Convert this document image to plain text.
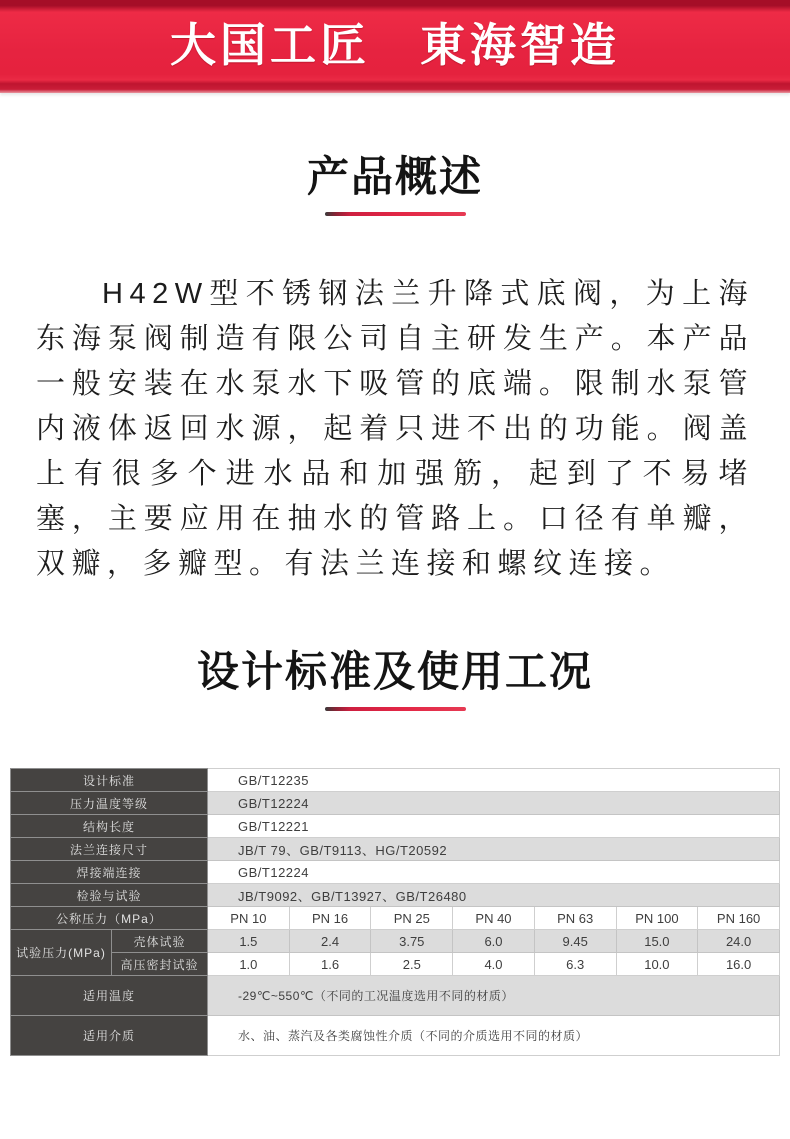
大国工匠　東海智造
产品概述

H42W型不锈钢法兰升降式底阀，为上海东海泵阀制造有限公司自主研发生产。本产品一般安装在水泵水下吸管的底端。限制水泵管内液体返回水源，起着只进不出的功能。阀盖上有很多个进水品和加强筋，起到了不易堵塞，主要应用在抽水的管路上。口径有单瓣，双瓣，多瓣型。有法兰连接和螺纹连接。

设计标准及使用工况
设计标准		GB/T12235						
压力温度等级		GB/T12224						
结构长度		GB/T12221						
法兰连接尺寸		JB/T 79、GB/T9113、HG/T20592						
焊接端连接		GB/T12224						
检验与试验		JB/T9092、GB/T13927、GB/T26480						
公称压力（MPa）		PN 10	PN 16	PN 25	PN 40	PN 63	PN 100	PN 160
试验压力(MPa)	壳体试验	1.5	2.4	3.75	6.0	9.45	15.0	24.0
	高压密封试验	1.0	1.6	2.5	4.0	6.3	10.0	16.0
适用温度		-29℃~550℃（不同的工况温度选用不同的材质）						
适用介质		水、油、蒸汽及各类腐蚀性介质（不同的介质选用不同的材质）						
